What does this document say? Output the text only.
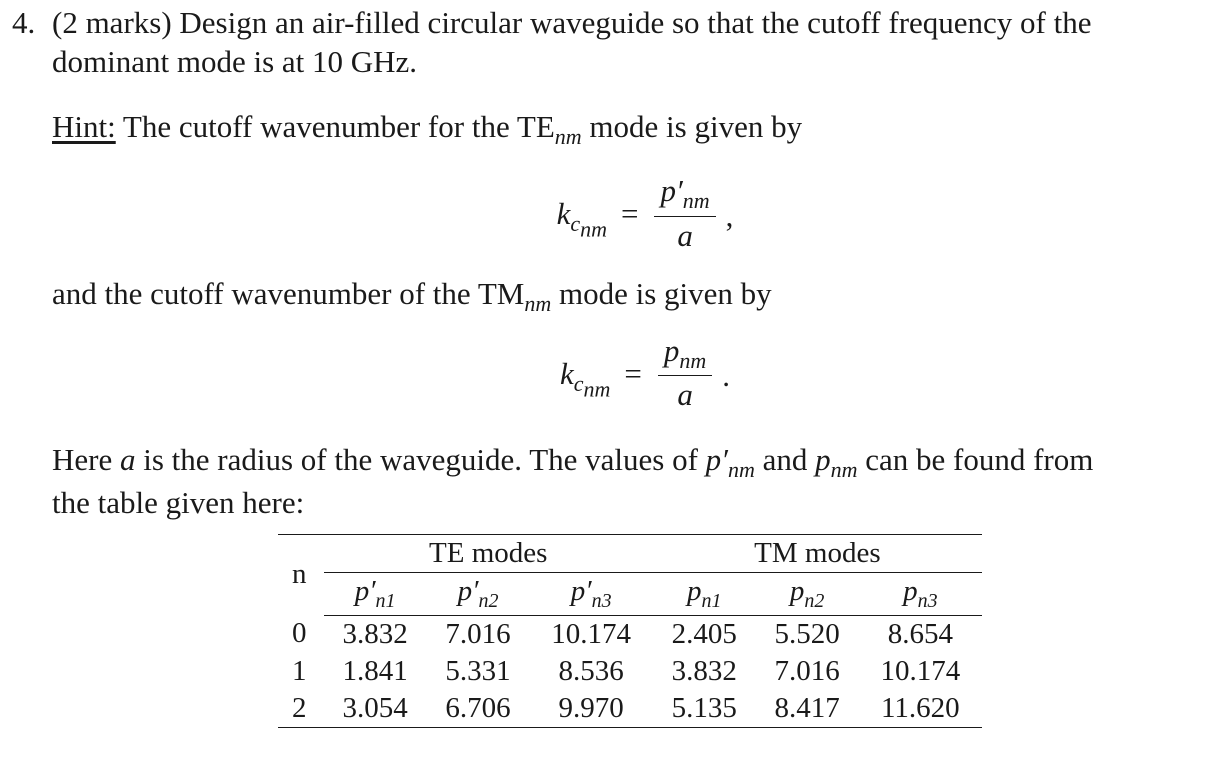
4. (2 marks) Design an air-filled circular waveguide so that the cutoff frequency of the
dominant mode is at 10 GHz.
Hint: The cutoff wavenumber for the $TE_{nm}$ mode is given by
$k_{c_{nm}} = \frac{p'_{nm}}{a}$ ,
and the cutoff wavenumber of the $TM_{nm}$ mode is given by
$k_{c_{nm}} = \frac{p_{nm}}{a}$ .
Here a is the radius of the waveguide. The values of $p'_{nm}$ and $p_{nm}$ can be found from
the table given here:
n	TE modes			TM modes		
	$p'_{n1}$	$p'_{n2}$	$p'_{n3}$	$p_{n1}$	$p_{n2}$	$p_{n3}$
0	3.832	7.016	10.174	2.405	5.520	8.654
1	1.841	5.331	8.536	3.832	7.016	10.174
2	3.054	6.706	9.970	5.135	8.417	11.620
